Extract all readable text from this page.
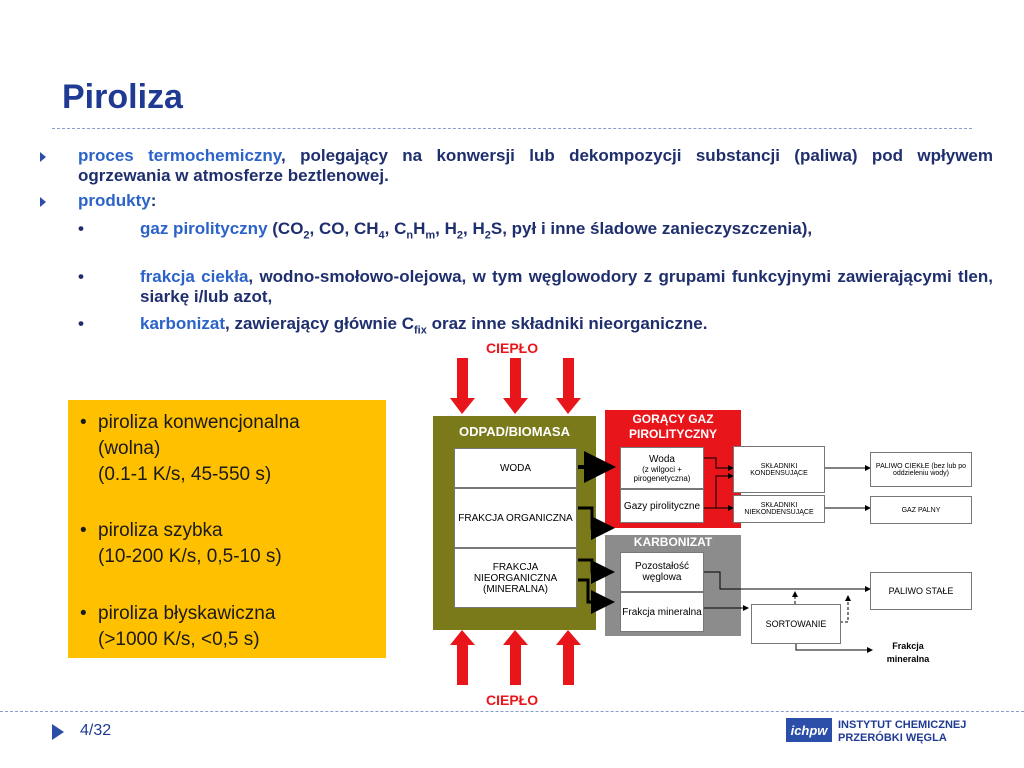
Piroliza
proces termochemiczny, polegający na konwersji lub dekompozycji substancji (paliwa) pod wpływem ogrzewania w atmosferze beztlenowej.
produkty:
•	gaz pirolityczny ($CO_2$, CO, $CH_4$, $C_nH_m$, $H_2$, $H_2S$, pył i inne śladowe zanieczyszczenia),
•	frakcja ciekła, wodno-smołowo-olejowa, w tym węglowodory z grupami funkcyjnymi zawierającymi tlen, siarkę i/lub azot,
•	karbonizat, zawierający głównie $C_{fix}$ oraz inne składniki nieorganiczne.
• piroliza konwencjonalna
(wolna)
(0.1-1 K/s, 45-550 s)
• piroliza szybka
(10-200 K/s, 0,5-10 s)
• piroliza błyskawiczna
(>1000 K/s, <0,5 s)
CIEPŁO
CIEPŁO
ODPAD/BIOMASA
WODA
FRAKCJA ORGANICZNA
FRAKCJA NIEORGANICZNA (MINERALNA)
GORĄCY GAZ PIROLITYCZNY
Woda
(z wilgoci + pirogenetyczna)
Gazy pirolityczne
KARBONIZAT
Pozostałość węglowa
Frakcja mineralna
SKŁADNIKI KONDENSUJĄCE
SKŁADNIKI NIEKONDENSUJĄCE
PALIWO CIEKŁE (bez lub po oddzieleniu wody)
GAZ PALNY
PALIWO STAŁE
SORTOWANIE
Frakcja mineralna
4/32	ichpw INSTYTUT CHEMICZNEJ
PRZERÓBKI WĘGLA
